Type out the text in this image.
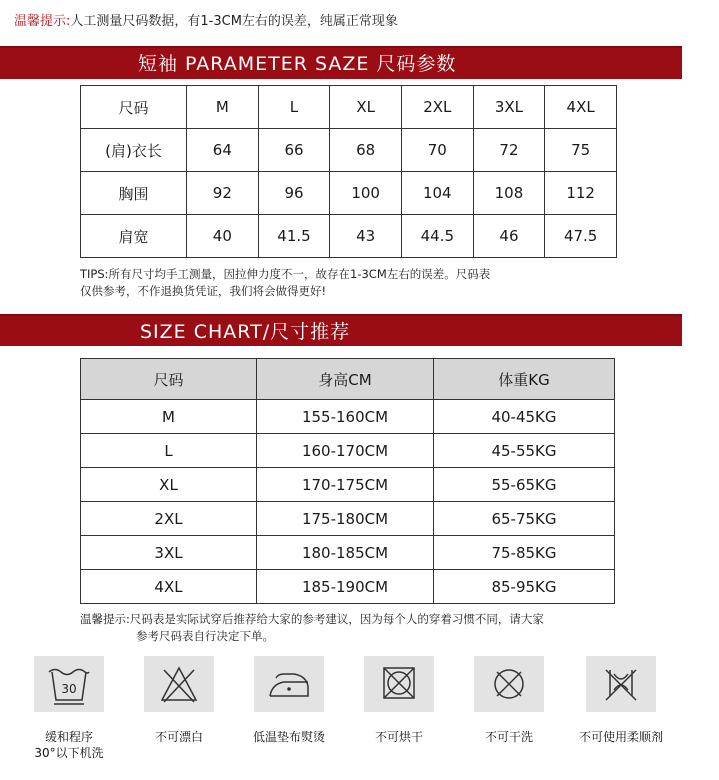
温馨提示:人工测量尺码数据，有1-3CM左右的误差，纯属正常现象
短袖 PARAMETER SAZE 尺码参数
尺码	M	L	XL	2XL	3XL	4XL
(肩)衣长	64	66	68	70	72	75
胸围	92	96	100	104	108	112
肩宽	40	41.5	43	44.5	46	47.5
TIPS:所有尺寸均手工测量，因拉伸力度不一，故存在1-3CM左右的误差。尺码表
仅供参考，不作退换货凭证，我们将会做得更好!
SIZE CHART/尺寸推荐
尺码	身高CM	体重KG
M	155-160CM	40-45KG
L	160-170CM	45-55KG
XL	170-175CM	55-65KG
2XL	175-180CM	65-75KG
3XL	180-185CM	75-85KG
4XL	185-190CM	85-95KG
温馨提示:尺码表是实际试穿后推荐给大家的参考建议，因为每个人的穿着习惯不同，请大家
参考尺码表自行决定下单。
30
缓和程序
30°以下机洗
不可漂白	低温垫布熨烫	不可烘干	不可干洗	不可使用柔顺剂
